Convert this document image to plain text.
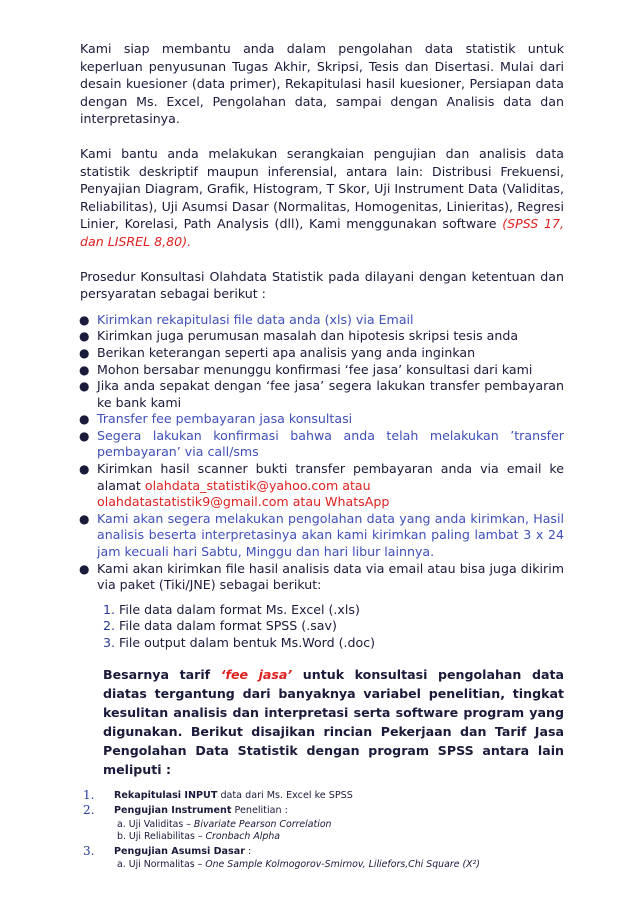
Kami siap membantu anda dalam pengolahan data statistik untuk keperluan penyusunan Tugas Akhir, Skripsi, Tesis dan Disertasi. Mulai dari desain kuesioner (data primer), Rekapitulasi hasil kuesioner, Persiapan data dengan Ms. Excel, Pengolahan data, sampai dengan Analisis data dan interpretasinya.

Kami bantu anda melakukan serangkaian pengujian dan analisis data statistik deskriptif maupun inferensial, antara lain: Distribusi Frekuensi, Penyajian Diagram, Grafik, Histogram, T Skor, Uji Instrument Data (Validitas, Reliabilitas), Uji Asumsi Dasar (Normalitas, Homogenitas, Linieritas), Regresi Linier, Korelasi, Path Analysis (dll), Kami menggunakan software (SPSS 17, dan LISREL 8,80).

Prosedur Konsultasi Olahdata Statistik pada dilayani dengan ketentuan dan persyaratan sebagai berikut :

● Kirimkan rekapitulasi file data anda (xls) via Email
● Kirimkan juga perumusan masalah dan hipotesis skripsi tesis anda
● Berikan keterangan seperti apa analisis yang anda inginkan
● Mohon bersabar menunggu konfirmasi ‘fee jasa’ konsultasi dari kami
● Jika anda sepakat dengan ‘fee jasa’ segera lakukan transfer pembayaran ke bank kami
● Transfer fee pembayaran jasa konsultasi
● Segera lakukan konfirmasi bahwa anda telah melakukan ’transfer pembayaran’ via call/sms
● Kirimkan hasil scanner bukti transfer pembayaran anda via email ke alamat olahdata_statistik@yahoo.com atau
olahdatastatistik9@gmail.com atau WhatsApp
● Kami akan segera melakukan pengolahan data yang anda kirimkan, Hasil analisis beserta interpretasinya akan kami kirimkan paling lambat 3 x 24 jam kecuali hari Sabtu, Minggu dan hari libur lainnya.
● Kami akan kirimkan file hasil analisis data via email atau bisa juga dikirim via paket (Tiki/JNE) sebagai berikut:
1. File data dalam format Ms. Excel (.xls)
2. File data dalam format SPSS (.sav)
3. File output dalam bentuk Ms.Word (.doc)

Besarnya tarif ‘fee jasa’ untuk konsultasi pengolahan data diatas tergantung dari banyaknya variabel penelitian, tingkat kesulitan analisis dan interpretasi serta software program yang digunakan. Berikut disajikan rincian Pekerjaan dan Tarif Jasa Pengolahan Data Statistik dengan program SPSS antara lain meliputi :

1. Rekapitulasi INPUT data dari Ms. Excel ke SPSS
2. Pengujian Instrument Penelitian :
a. Uji Validitas – Bivariate Pearson Correlation
b. Uji Reliabilitas – Cronbach Alpha
3. Pengujian Asumsi Dasar :
a. Uji Normalitas – One Sample Kolmogorov-Smirnov, Liliefors,Chi Square (X²)
